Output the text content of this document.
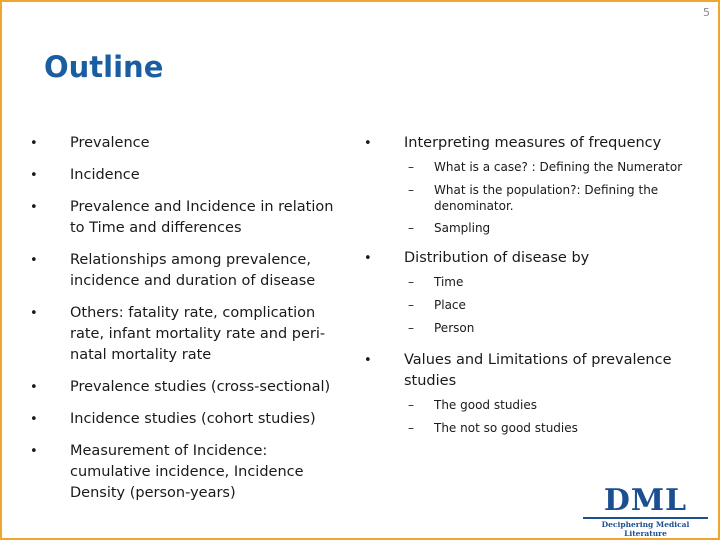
5
Outline
• Prevalence
• Incidence
• Prevalence and Incidence in relation to Time and differences
• Relationships among prevalence, incidence and duration of disease
• Others: fatality rate, complication rate, infant mortality rate and peri-natal mortality rate
• Prevalence studies (cross-sectional)
• Incidence studies (cohort studies)
• Measurement of Incidence: cumulative incidence, Incidence Density (person-years)
• Interpreting measures of frequency
– What is a case? : Defining the Numerator
– What is the population?: Defining the denominator.
– Sampling
• Distribution of disease by
– Time
– Place
– Person
• Values and Limitations of prevalence studies
– The good studies
– The not so good studies
DML
Deciphering Medical Literature
